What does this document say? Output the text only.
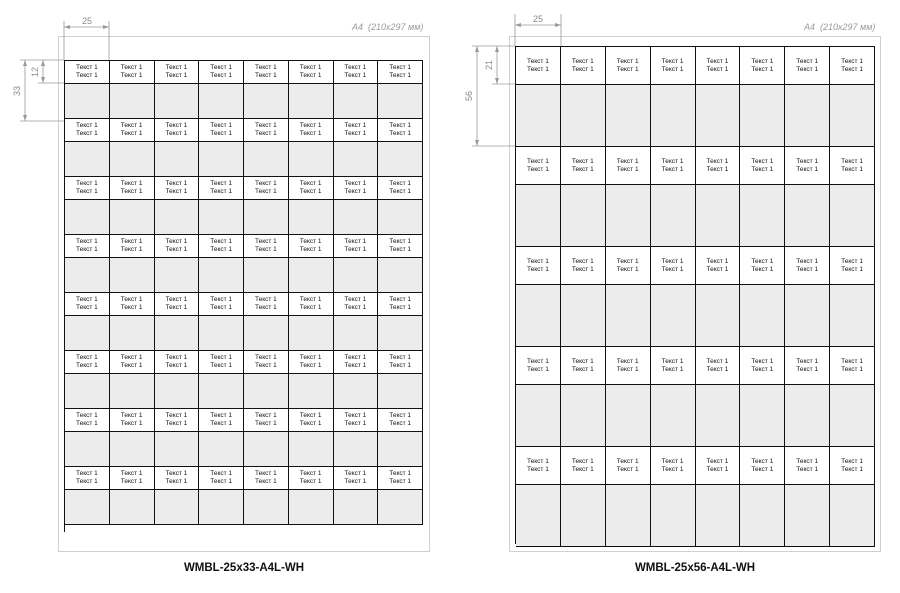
А4 (210x297 мм)
Текст 1
Текст 1
Текст 1
Текст 1
Текст 1
Текст 1
Текст 1
Текст 1
Текст 1
Текст 1
Текст 1
Текст 1
Текст 1
Текст 1
Текст 1
Текст 1
Текст 1
Текст 1
Текст 1
Текст 1
Текст 1
Текст 1
Текст 1
Текст 1
Текст 1
Текст 1
Текст 1
Текст 1
Текст 1
Текст 1
Текст 1
Текст 1
Текст 1
Текст 1
Текст 1
Текст 1
Текст 1
Текст 1
Текст 1
Текст 1
Текст 1
Текст 1
Текст 1
Текст 1
Текст 1
Текст 1
Текст 1
Текст 1
Текст 1
Текст 1
Текст 1
Текст 1
Текст 1
Текст 1
Текст 1
Текст 1
Текст 1
Текст 1
Текст 1
Текст 1
Текст 1
Текст 1
Текст 1
Текст 1
Текст 1
Текст 1
Текст 1
Текст 1
Текст 1
Текст 1
Текст 1
Текст 1
Текст 1
Текст 1
Текст 1
Текст 1
Текст 1
Текст 1
Текст 1
Текст 1
Текст 1
Текст 1
Текст 1
Текст 1
Текст 1
Текст 1
Текст 1
Текст 1
Текст 1
Текст 1
Текст 1
Текст 1
Текст 1
Текст 1
Текст 1
Текст 1
Текст 1
Текст 1
Текст 1
Текст 1
Текст 1
Текст 1
Текст 1
Текст 1
Текст 1
Текст 1
Текст 1
Текст 1
Текст 1
Текст 1
Текст 1
Текст 1
Текст 1
Текст 1
Текст 1
Текст 1
Текст 1
Текст 1
Текст 1
Текст 1
Текст 1
Текст 1
Текст 1
Текст 1
Текст 1
Текст 1
Текст 1
Текст 1
25
33
12
WMBL-25x33-A4L-WH
А4 (210x297 мм)
Текст 1
Текст 1
Текст 1
Текст 1
Текст 1
Текст 1
Текст 1
Текст 1
Текст 1
Текст 1
Текст 1
Текст 1
Текст 1
Текст 1
Текст 1
Текст 1
Текст 1
Текст 1
Текст 1
Текст 1
Текст 1
Текст 1
Текст 1
Текст 1
Текст 1
Текст 1
Текст 1
Текст 1
Текст 1
Текст 1
Текст 1
Текст 1
Текст 1
Текст 1
Текст 1
Текст 1
Текст 1
Текст 1
Текст 1
Текст 1
Текст 1
Текст 1
Текст 1
Текст 1
Текст 1
Текст 1
Текст 1
Текст 1
Текст 1
Текст 1
Текст 1
Текст 1
Текст 1
Текст 1
Текст 1
Текст 1
Текст 1
Текст 1
Текст 1
Текст 1
Текст 1
Текст 1
Текст 1
Текст 1
Текст 1
Текст 1
Текст 1
Текст 1
Текст 1
Текст 1
Текст 1
Текст 1
Текст 1
Текст 1
Текст 1
Текст 1
Текст 1
Текст 1
Текст 1
Текст 1
25
56
21
WMBL-25x56-A4L-WH
